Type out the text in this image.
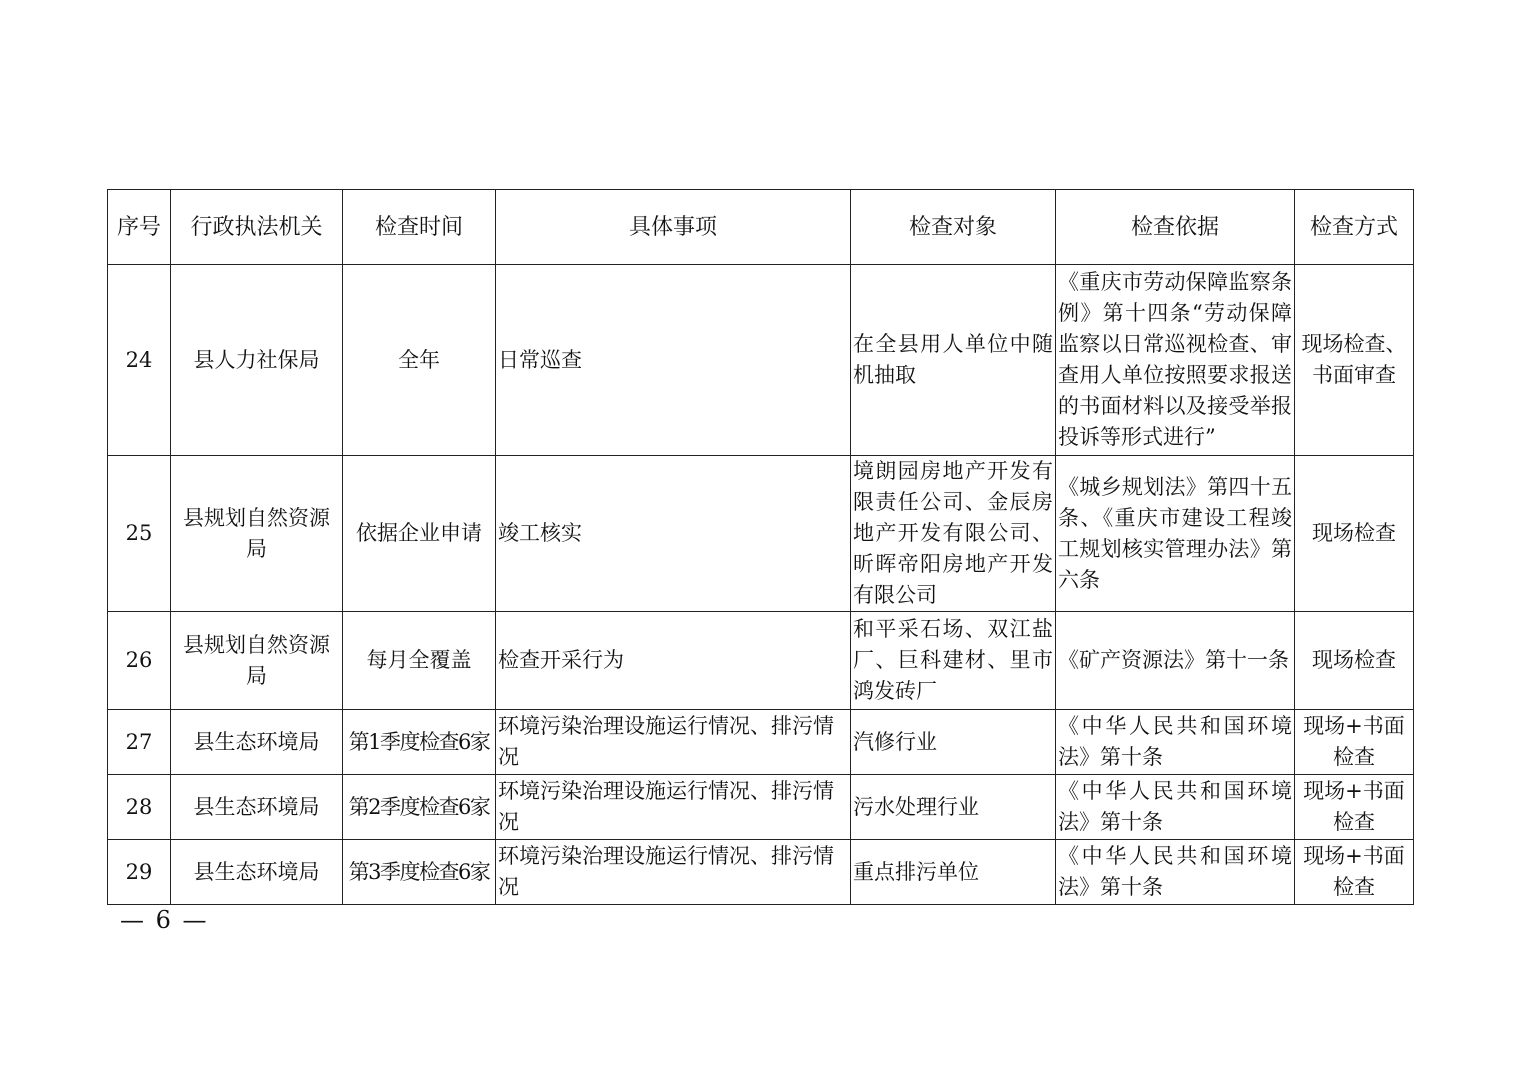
序号	行政执法机关	检查时间	具体事项	检查对象	检查依据	检查方式
24	县人力社保局	全年	日常巡查	在全县用人单位中随机抽取	《重庆市劳动保障监察条例》第十四条“劳动保障监察以日常巡视检查、审查用人单位按照要求报送的书面材料以及接受举报投诉等形式进行”	现场检查、书面审查
25	县规划自然资源局	依据企业申请	竣工核实	境朗园房地产开发有限责任公司、金辰房地产开发有限公司、昕晖帝阳房地产开发有限公司	《城乡规划法》第四十五条、《重庆市建设工程竣工规划核实管理办法》第六条	现场检查
26	县规划自然资源局	每月全覆盖	检查开采行为	和平采石场、双江盐厂、巨科建材、里市鸿发砖厂	《矿产资源法》第十一条	现场检查
27	县生态环境局	第1季度检查6家	环境污染治理设施运行情况、排污情况	汽修行业	《中华人民共和国环境法》第十条	现场+书面检查
28	县生态环境局	第2季度检查6家	环境污染治理设施运行情况、排污情况	污水处理行业	《中华人民共和国环境法》第十条	现场+书面检查
29	县生态环境局	第3季度检查6家	环境污染治理设施运行情况、排污情况	重点排污单位	《中华人民共和国环境法》第十条	现场+书面检查
— 6 —
